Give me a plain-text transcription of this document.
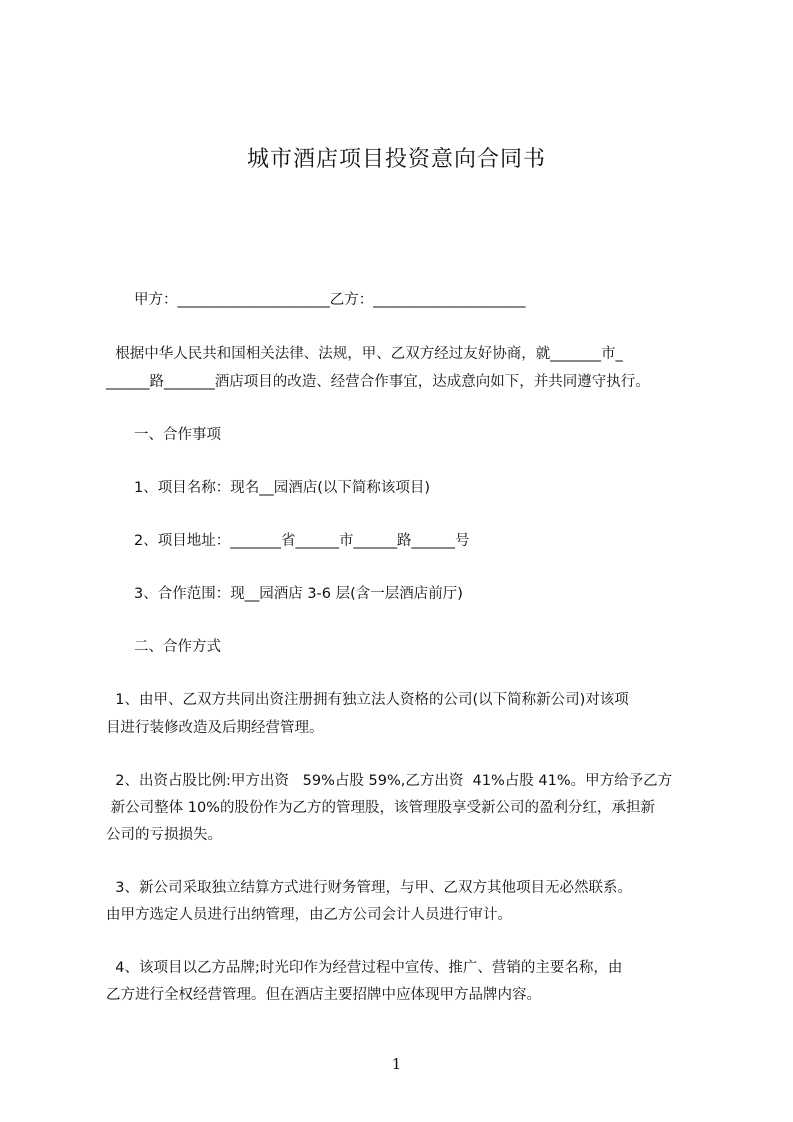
城市酒店项目投资意向合同书
甲方：_____________________乙方：_____________________
根据中华人民共和国相关法律、法规，甲、乙双方经过友好协商，就_______市_
______路_______酒店项目的改造、经营合作事宜，达成意向如下，并共同遵守执行。
一、合作事项
1、项目名称：现名__园酒店(以下简称该项目)
2、项目地址：_______省______市______路______号
3、合作范围：现__园酒店 3-6 层(含一层酒店前厅)
二、合作方式
1、由甲、乙双方共同出资注册拥有独立法人资格的公司(以下简称新公司)对该项
目进行装修改造及后期经营管理。
2、出资占股比例:甲方出资   59%占股 59%,乙方出资  41%占股 41%。甲方给予乙方
新公司整体 10%的股份作为乙方的管理股，该管理股享受新公司的盈利分红，承担新
公司的亏损损失。
3、新公司采取独立结算方式进行财务管理，与甲、乙双方其他项目无必然联系。
由甲方选定人员进行出纳管理，由乙方公司会计人员进行审计。
4、该项目以乙方品牌;时光印作为经营过程中宣传、推广、营销的主要名称，由
乙方进行全权经营管理。但在酒店主要招牌中应体现甲方品牌内容。
1
